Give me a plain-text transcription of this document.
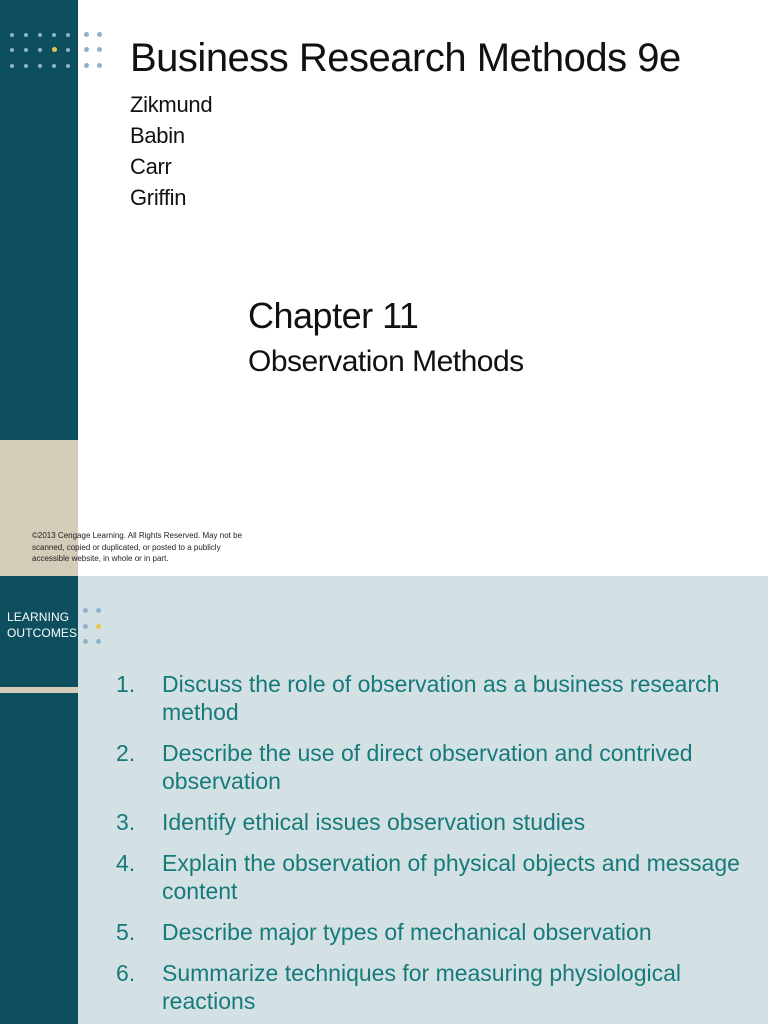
Business Research Methods 9e
Zikmund
Babin
Carr
Griffin
Chapter 11
Observation Methods
©2013 Cengage Learning. All Rights Reserved. May not be scanned, copied or duplicated, or posted to a publicly accessible website, in whole or in part.
LEARNING
OUTCOMES
1. Discuss the role of observation as a business research method
2. Describe the use of direct observation and contrived observation
3. Identify ethical issues observation studies
4. Explain the observation of physical objects and message content
5. Describe major types of mechanical observation
6. Summarize techniques for measuring physiological reactions
